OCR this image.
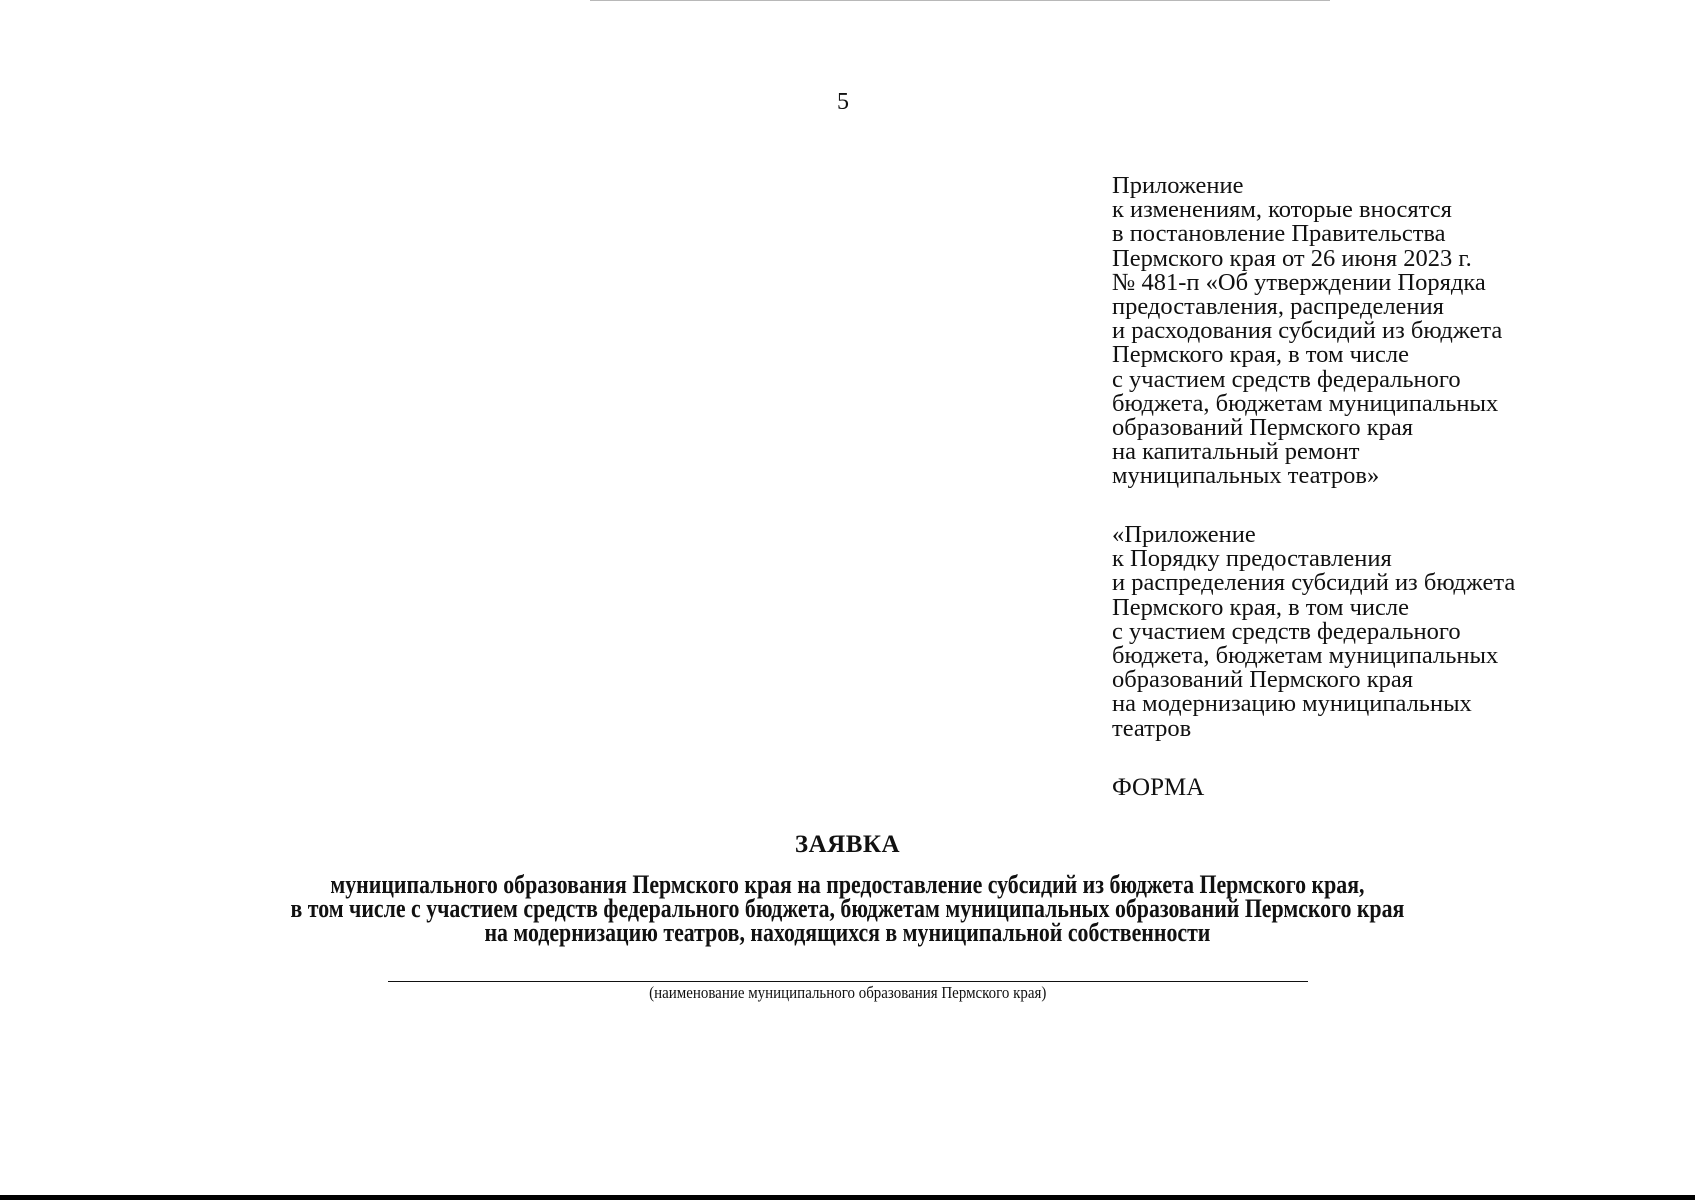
5
Приложение
к изменениям, которые вносятся
в постановление Правительства
Пермского края от 26 июня 2023 г.
№ 481-п «Об утверждении Порядка
предоставления, распределения
и расходования субсидий из бюджета
Пермского края, в том числе
с участием средств федерального
бюджета, бюджетам муниципальных
образований Пермского края
на капитальный ремонт
муниципальных театров»
«Приложение
к Порядку предоставления
и распределения субсидий из бюджета
Пермского края, в том числе
с участием средств федерального
бюджета, бюджетам муниципальных
образований Пермского края
на модернизацию муниципальных
театров
ФОРМА
ЗАЯВКА
муниципального образования Пермского края на предоставление субсидий из бюджета Пермского края,
в том числе с участием средств федерального бюджета, бюджетам муниципальных образований Пермского края
на модернизацию театров, находящихся в муниципальной собственности
(наименование муниципального образования Пермского края)
